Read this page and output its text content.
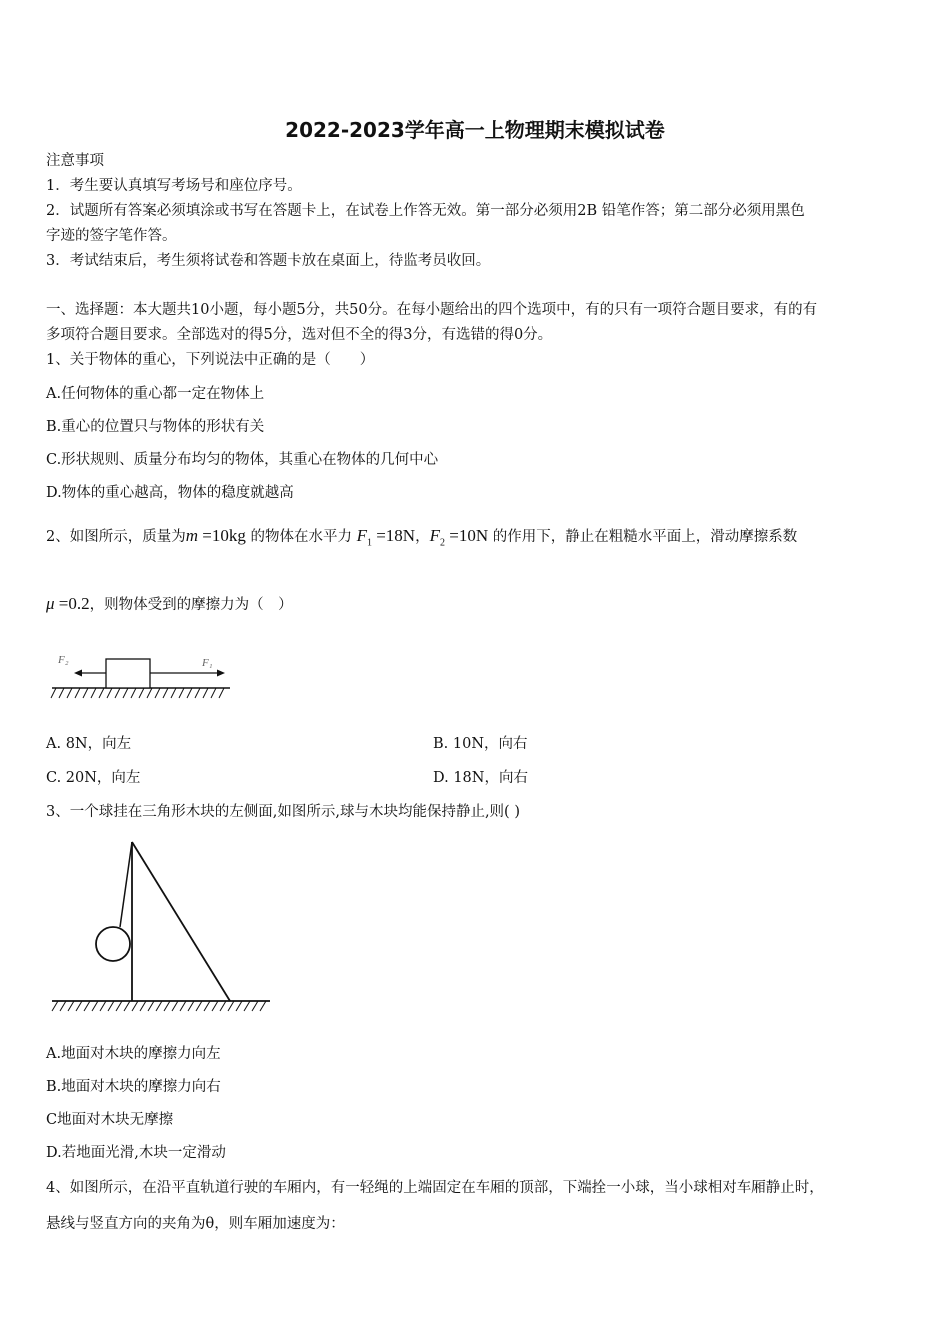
2022-2023学年高一上物理期末模拟试卷
注意事项
1．考生要认真填写考场号和座位序号。
2．试题所有答案必须填涂或书写在答题卡上，在试卷上作答无效。第一部分必须用2B 铅笔作答；第二部分必须用黑色
字迹的签字笔作答。
3．考试结束后，考生须将试卷和答题卡放在桌面上，待监考员收回。
一、选择题：本大题共10小题，每小题5分，共50分。在每小题给出的四个选项中，有的只有一项符合题目要求，有的有
多项符合题目要求。全部选对的得5分，选对但不全的得3分，有选错的得0分。
1、关于物体的重心，下列说法中正确的是（　　）
A.任何物体的重心都一定在物体上
B.重心的位置只与物体的形状有关
C.形状规则、质量分布均匀的物体，其重心在物体的几何中心
D.物体的重心越高，物体的稳度就越高
2、如图所示，质量为m =10kg 的物体在水平力 $F_1 =18N$，$F_2 =10N$ 的作用下，静止在粗糙水平面上，滑动摩擦系数
μ =0.2，则物体受到的摩擦力为（　）
F₂	F₁
A. 8N，向左	B. 10N，向右
C. 20N，向左	D. 18N，向右
3、一个球挂在三角形木块的左侧面,如图所示,球与木块均能保持静止,则( )
A.地面对木块的摩擦力向左
B.地面对木块的摩擦力向右
C地面对木块无摩擦
D.若地面光滑,木块一定滑动
4、如图所示，在沿平直轨道行驶的车厢内，有一轻绳的上端固定在车厢的顶部，下端拴一小球，当小球相对车厢静止时，
悬线与竖直方向的夹角为θ，则车厢加速度为：
